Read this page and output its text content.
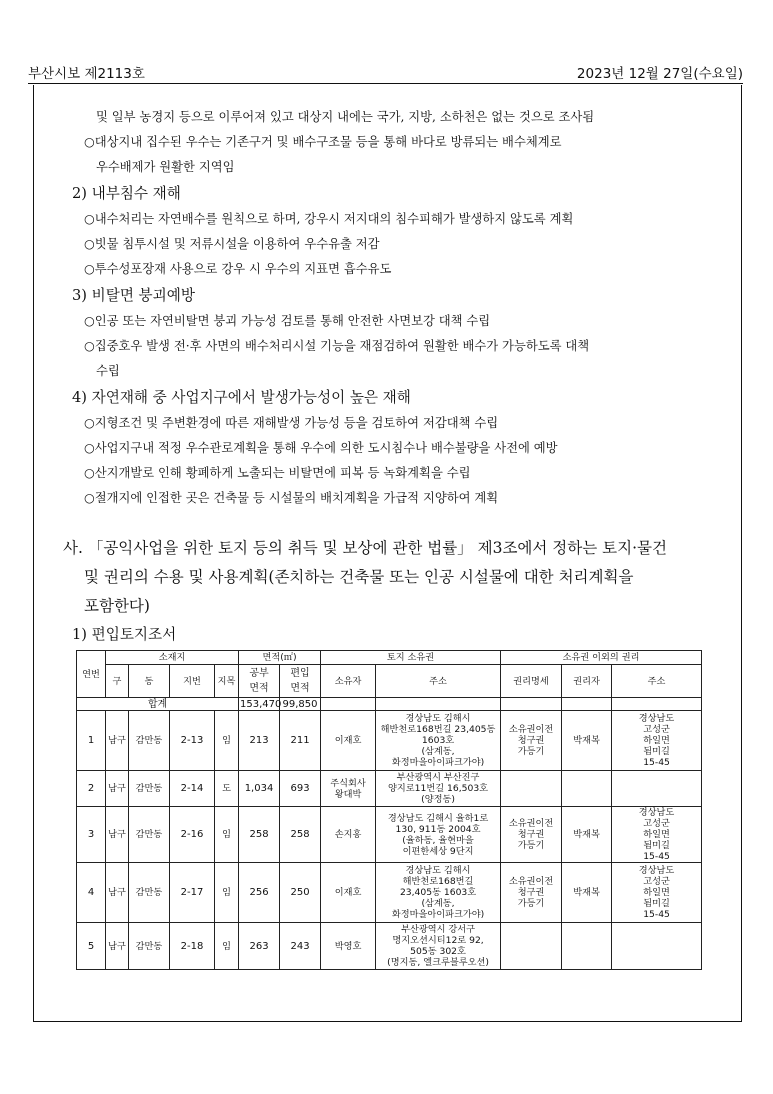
부산시보 제2113호	2023년 12월 27일(수요일)
및 일부 농경지 등으로 이루어져 있고 대상지 내에는 국가, 지방, 소하천은 없는 것으로 조사됨
○대상지내 집수된 우수는 기존구거 및 배수구조물 등을 통해 바다로 방류되는 배수체계로
우수배제가 원활한 지역임
2) 내부침수 재해
○내수처리는 자연배수를 원칙으로 하며, 강우시 저지대의 침수피해가 발생하지 않도록 계획
○빗물 침투시설 및 저류시설을 이용하여 우수유출 저감
○투수성포장재 사용으로 강우 시 우수의 지표면 흡수유도
3) 비탈면 붕괴예방
○인공 또는 자연비탈면 붕괴 가능성 검토를 통해 안전한 사면보강 대책 수립
○집중호우 발생 전·후 사면의 배수처리시설 기능을 재점검하여 원활한 배수가 가능하도록 대책
수립
4) 자연재해 중 사업지구에서 발생가능성이 높은 재해
○지형조건 및 주변환경에 따른 재해발생 가능성 등을 검토하여 저감대책 수립
○사업지구내 적정 우수관로계획을 통해 우수에 의한 도시침수나 배수불량을 사전에 예방
○산지개발로 인해 황폐하게 노출되는 비탈면에 피복 등 녹화계획을 수립
○절개지에 인접한 곳은 건축물 등 시설물의 배치계획을 가급적 지양하여 계획
사. 「공익사업을 위한 토지 등의 취득 및 보상에 관한 법률」 제3조에서 정하는 토지·물건
및 권리의 수용 및 사용계획(존치하는 건축물 또는 인공 시설물에 대한 처리계획을
포함한다)
1) 편입토지조서
연번	소재지				면적(㎡)		토지 소유권		소유권 이외의 권리		
	구	동	지번	지목	공부
면적	편입
면적	소유자	주소	권리명세	권리자	주소
합계					153,470	99,850					
1	남구	감만동	2-13	임	213	211	이재호	경상남도 김해시
해반천로168번길 23,405동
1603호
(삼계동,
화정마을아이파크가야)	소유권이전
청구권
가등기	박재복	경상남도
고성군
하일면
됨미길
15-45
2	남구	감만동	2-14	도	1,034	693	주식회사
왕대박	부산광역시 부산진구
양지로11번길 16,503호
(양정동)			
3	남구	감만동	2-16	임	258	258	손지홍	경상남도 김해시 율하1로
130, 911동 2004호
(율하동, 율현마을
이편한세상 9단지	소유권이전
청구권
가등기	박재복	경상남도
고성군
하일면
됨미길
15-45
4	남구	감만동	2-17	임	256	250	이재호	경상남도 김해시
해반천로168번길
23,405동 1603호
(삼계동,
화정마을아이파크가야)	소유권이전
청구권
가등기	박재복	경상남도
고성군
하일면
됨미길
15-45
5	남구	감만동	2-18	임	263	243	박영호	부산광역시 강서구
명지오션시티12로 92,
505동 302호
(명지동, 엘크루블루오션)			
